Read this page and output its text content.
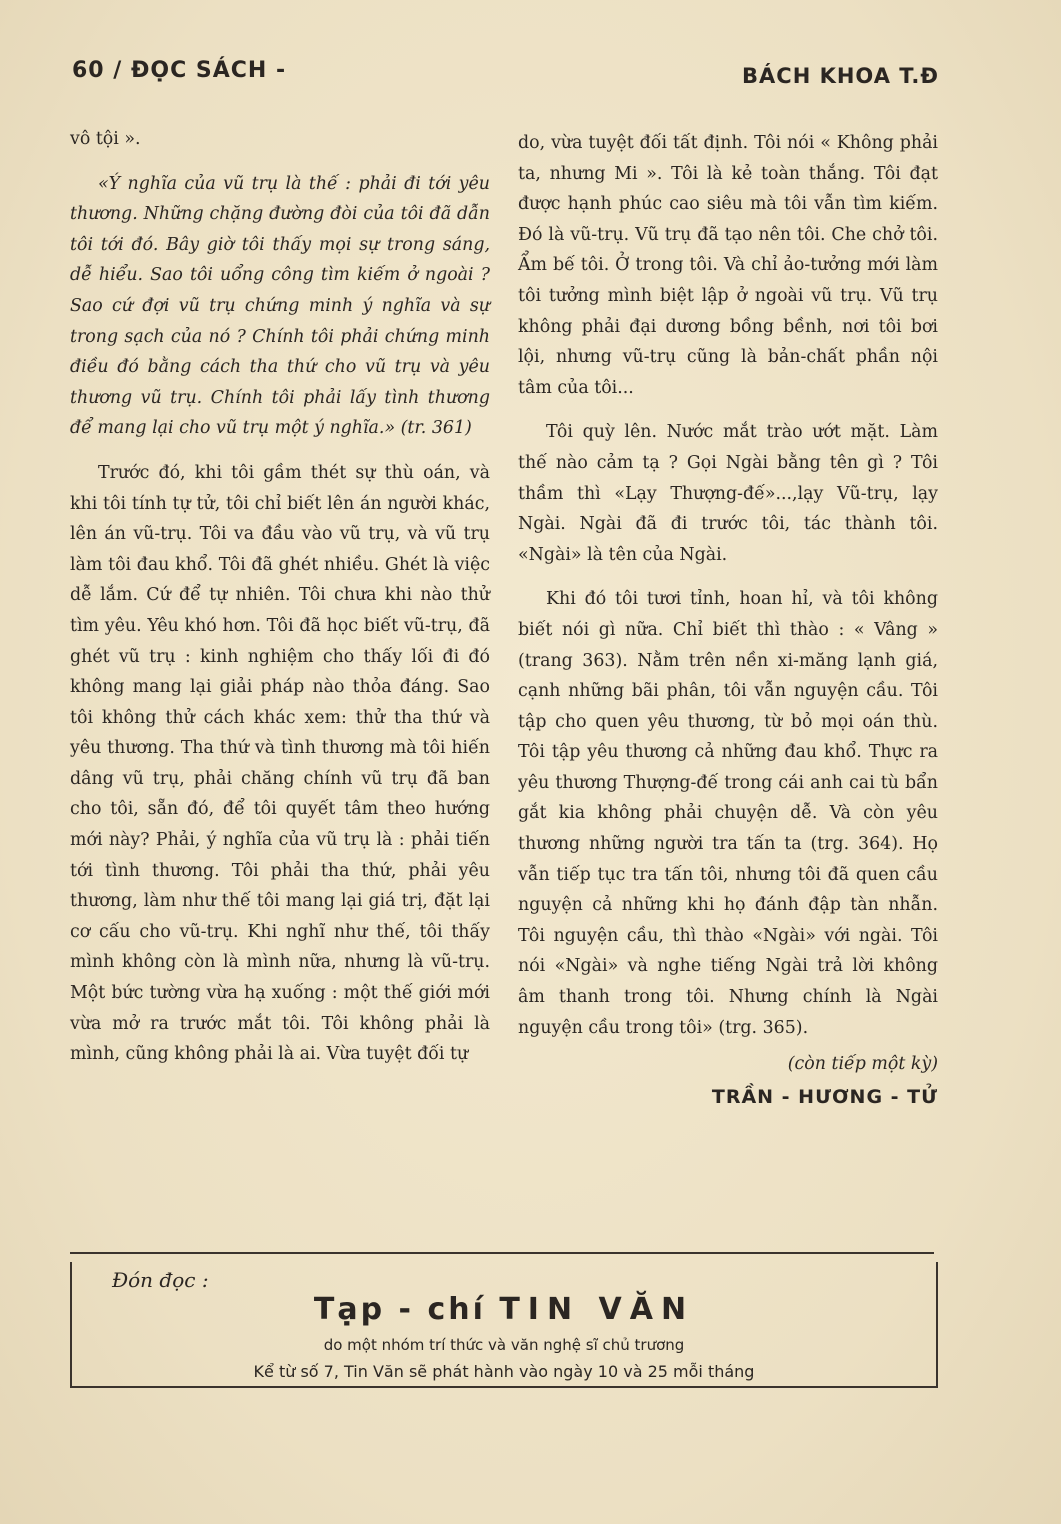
60 / ĐỌC SÁCH -	BÁCH KHOA T.Đ

vô tội ».

«Ý nghĩa của vũ trụ là thế : phải đi tới yêu thương. Những chặng đường đòi của tôi đã dẫn tôi tới đó. Bây giờ tôi thấy mọi sự trong sáng, dễ hiểu. Sao tôi uổng công tìm kiếm ở ngoài ? Sao cứ đợi vũ trụ chứng minh ý nghĩa và sự trong sạch của nó ? Chính tôi phải chứng minh điều đó bằng cách tha thứ cho vũ trụ và yêu thương vũ trụ. Chính tôi phải lấy tình thương để mang lại cho vũ trụ một ý nghĩa.» (tr. 361)

Trước đó, khi tôi gầm thét sự thù oán, và khi tôi tính tự tử, tôi chỉ biết lên án người khác, lên án vũ-trụ. Tôi va đầu vào vũ trụ, và vũ trụ làm tôi đau khổ. Tôi đã ghét nhiều. Ghét là việc dễ lắm. Cứ để tự nhiên. Tôi chưa khi nào thử tìm yêu. Yêu khó hơn. Tôi đã học biết vũ-trụ, đã ghét vũ trụ : kinh nghiệm cho thấy lối đi đó không mang lại giải pháp nào thỏa đáng. Sao tôi không thử cách khác xem: thử tha thứ và yêu thương. Tha thứ và tình thương mà tôi hiến dâng vũ trụ, phải chăng chính vũ trụ đã ban cho tôi, sẵn đó, để tôi quyết tâm theo hướng mới này? Phải, ý nghĩa của vũ trụ là : phải tiến tới tình thương. Tôi phải tha thứ, phải yêu thương, làm như thế tôi mang lại giá trị, đặt lại cơ cấu cho vũ-trụ. Khi nghĩ như thế, tôi thấy mình không còn là mình nữa, nhưng là vũ-trụ. Một bức tường vừa hạ xuống : một thế giới mới vừa mở ra trước mắt tôi. Tôi không phải là mình, cũng không phải là ai. Vừa tuyệt đối tự

do, vừa tuyệt đối tất định. Tôi nói « Không phải ta, nhưng Mi ». Tôi là kẻ toàn thắng. Tôi đạt được hạnh phúc cao siêu mà tôi vẫn tìm kiếm. Đó là vũ-trụ. Vũ trụ đã tạo nên tôi. Che chở tôi. Ẩm bế tôi. Ở trong tôi. Và chỉ ảo-tưởng mới làm tôi tưởng mình biệt lập ở ngoài vũ trụ. Vũ trụ không phải đại dương bồng bềnh, nơi tôi bơi lội, nhưng vũ-trụ cũng là bản-chất phần nội tâm của tôi...

Tôi quỳ lên. Nước mắt trào ướt mặt. Làm thế nào cảm tạ ? Gọi Ngài bằng tên gì ? Tôi thầm thì «Lạy Thượng-đế»...,lạy Vũ-trụ, lạy Ngài. Ngài đã đi trước tôi, tác thành tôi. «Ngài» là tên của Ngài.

Khi đó tôi tươi tỉnh, hoan hỉ, và tôi không biết nói gì nữa. Chỉ biết thì thào : « Vâng » (trang 363). Nằm trên nền xi-măng lạnh giá, cạnh những bãi phân, tôi vẫn nguyện cầu. Tôi tập cho quen yêu thương, từ bỏ mọi oán thù. Tôi tập yêu thương cả những đau khổ. Thực ra yêu thương Thượng-đế trong cái anh cai tù bẩn gắt kia không phải chuyện dễ. Và còn yêu thương những người tra tấn ta (trg. 364). Họ vẫn tiếp tục tra tấn tôi, nhưng tôi đã quen cầu nguyện cả những khi họ đánh đập tàn nhẫn. Tôi nguyện cầu, thì thào «Ngài» với ngài. Tôi nói «Ngài» và nghe tiếng Ngài trả lời không âm thanh trong tôi. Nhưng chính là Ngài nguyện cầu trong tôi» (trg. 365).

(còn tiếp một kỳ)
TRẦN - HƯƠNG - TỬ
Đón đọc :
Tạp - chí TIN VĂN
do một nhóm trí thức và văn nghệ sĩ chủ trương
Kể từ số 7, Tin Văn sẽ phát hành vào ngày 10 và 25 mỗi tháng
